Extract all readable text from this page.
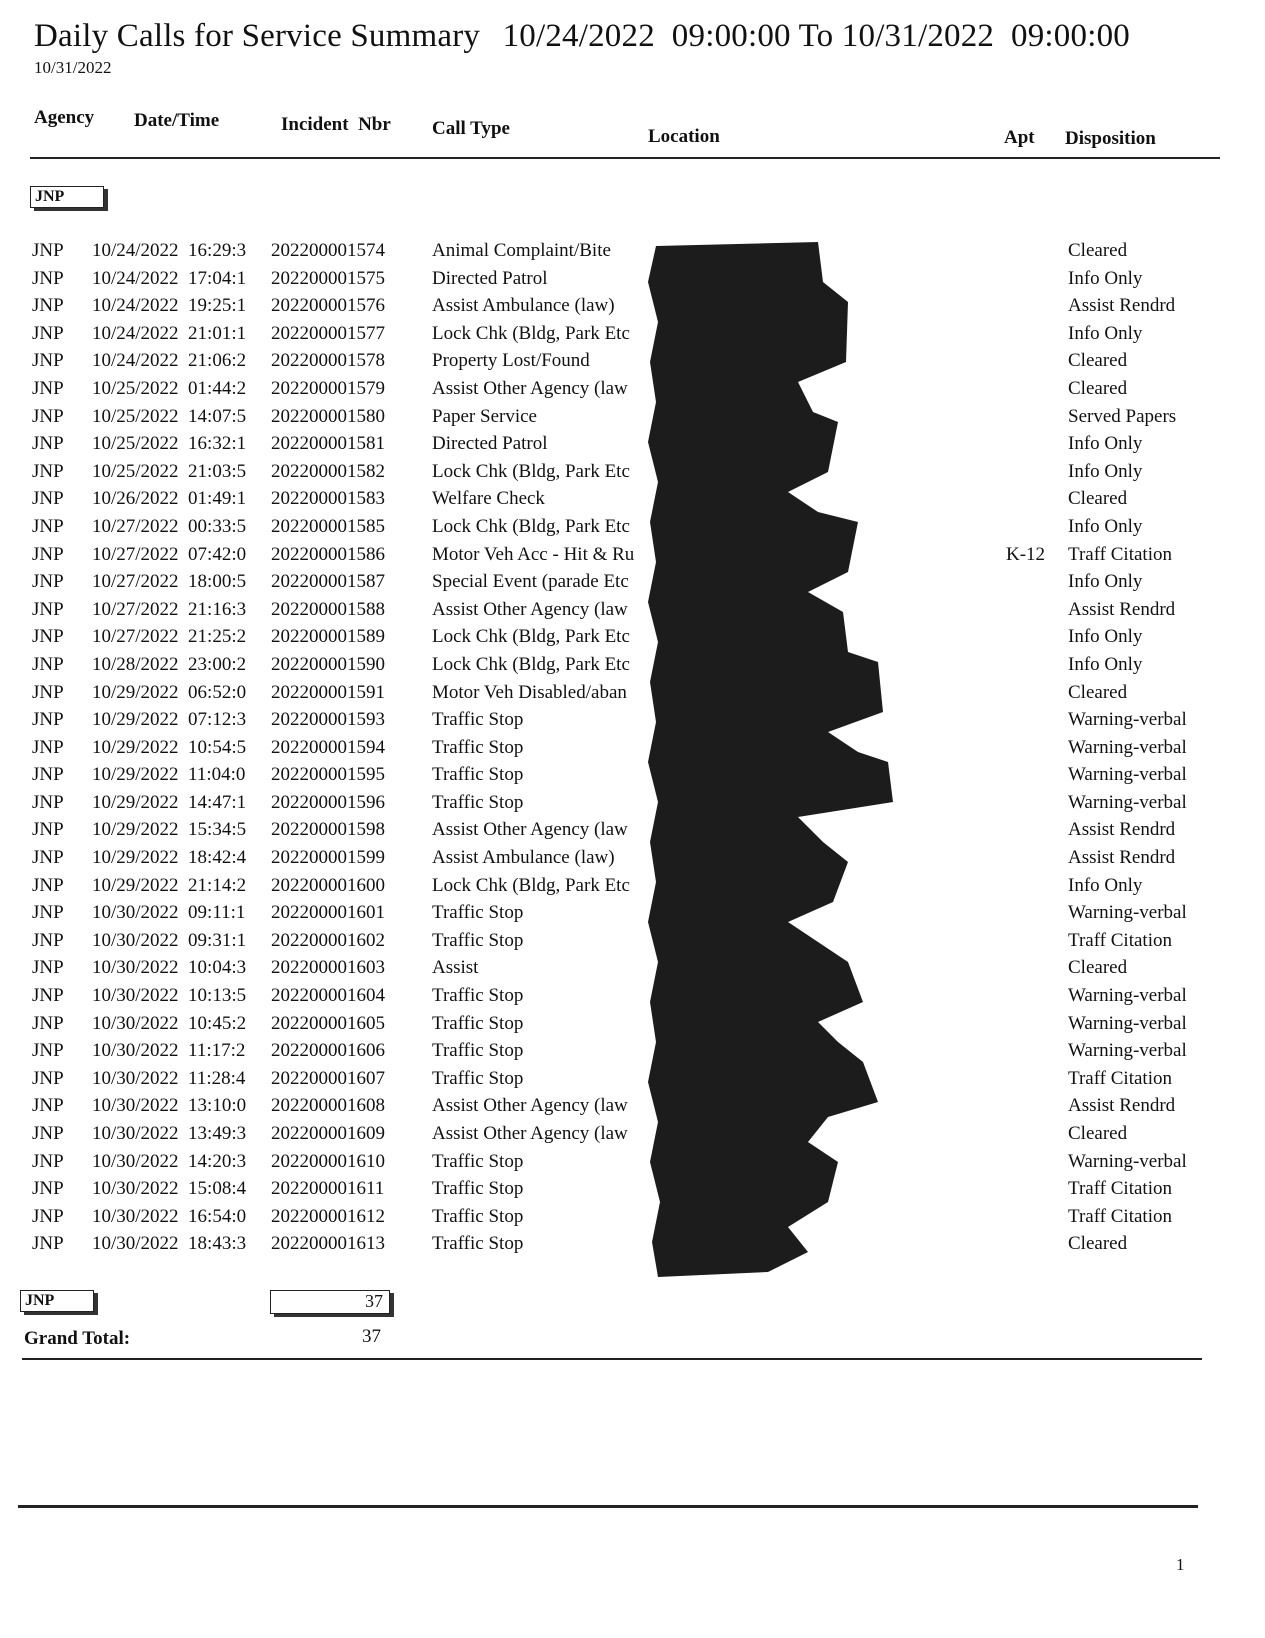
Daily Calls for Service Summary 10/24/2022  09:00:00 To 10/31/2022  09:00:00
10/31/2022
Agency Date/Time	Incident  Nbr Call Type	Location	Apt Disposition
JNP
JNP 10/24/2022  16:29:3	202200001574 Animal Complaint/Bite	Cleared
JNP 10/24/2022  17:04:1	202200001575 Directed Patrol	Info Only
JNP 10/24/2022  19:25:1	202200001576 Assist Ambulance (law)	Assist Rendrd
JNP 10/24/2022  21:01:1	202200001577 Lock Chk (Bldg, Park Etc	Info Only
JNP 10/24/2022  21:06:2	202200001578 Property Lost/Found	Cleared
JNP 10/25/2022  01:44:2	202200001579 Assist Other Agency (law	Cleared
JNP 10/25/2022  14:07:5	202200001580 Paper Service	Served Papers
JNP 10/25/2022  16:32:1	202200001581 Directed Patrol	Info Only
JNP 10/25/2022  21:03:5	202200001582 Lock Chk (Bldg, Park Etc	Info Only
JNP 10/26/2022  01:49:1	202200001583 Welfare Check	Cleared
JNP 10/27/2022  00:33:5	202200001585 Lock Chk (Bldg, Park Etc	Info Only
JNP 10/27/2022  07:42:0	202200001586 Motor Veh Acc - Hit & Ru	K-12 Traff Citation
JNP 10/27/2022  18:00:5	202200001587 Special Event (parade Etc	Info Only
JNP 10/27/2022  21:16:3	202200001588 Assist Other Agency (law	Assist Rendrd
JNP 10/27/2022  21:25:2	202200001589 Lock Chk (Bldg, Park Etc	Info Only
JNP 10/28/2022  23:00:2	202200001590 Lock Chk (Bldg, Park Etc	Info Only
JNP 10/29/2022  06:52:0	202200001591 Motor Veh Disabled/aban	Cleared
JNP 10/29/2022  07:12:3	202200001593 Traffic Stop	Warning-verbal
JNP 10/29/2022  10:54:5	202200001594 Traffic Stop	Warning-verbal
JNP 10/29/2022  11:04:0	202200001595 Traffic Stop	Warning-verbal
JNP 10/29/2022  14:47:1	202200001596 Traffic Stop	Warning-verbal
JNP 10/29/2022  15:34:5	202200001598 Assist Other Agency (law	Assist Rendrd
JNP 10/29/2022  18:42:4	202200001599 Assist Ambulance (law)	Assist Rendrd
JNP 10/29/2022  21:14:2	202200001600 Lock Chk (Bldg, Park Etc	Info Only
JNP 10/30/2022  09:11:1	202200001601 Traffic Stop	Warning-verbal
JNP 10/30/2022  09:31:1	202200001602 Traffic Stop	Traff Citation
JNP 10/30/2022  10:04:3	202200001603 Assist	Cleared
JNP 10/30/2022  10:13:5	202200001604 Traffic Stop	Warning-verbal
JNP 10/30/2022  10:45:2	202200001605 Traffic Stop	Warning-verbal
JNP 10/30/2022  11:17:2	202200001606 Traffic Stop	Warning-verbal
JNP 10/30/2022  11:28:4	202200001607 Traffic Stop	Traff Citation
JNP 10/30/2022  13:10:0	202200001608 Assist Other Agency (law	Assist Rendrd
JNP 10/30/2022  13:49:3	202200001609 Assist Other Agency (law	Cleared
JNP 10/30/2022  14:20:3	202200001610 Traffic Stop	Warning-verbal
JNP 10/30/2022  15:08:4	202200001611	Traffic Stop	Traff Citation
JNP 10/30/2022  16:54:0	202200001612 Traffic Stop	Traff Citation
JNP 10/30/2022  18:43:3	202200001613 Traffic Stop	Cleared
JNP	37
Grand Total:	37
1
